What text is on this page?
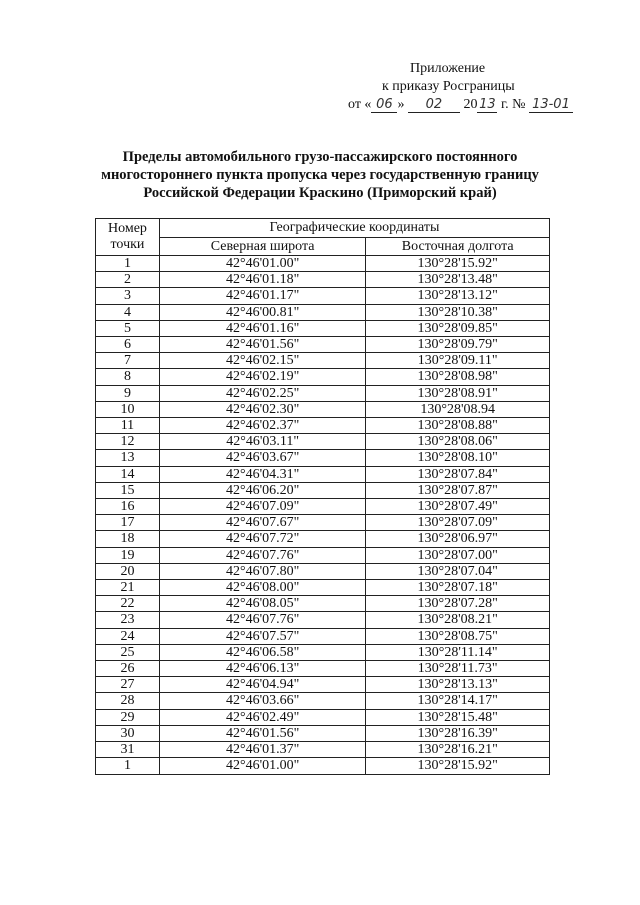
Приложение
к приказу Росграницы
от « 06 » 02 20 13 г. № 13-01
Пределы автомобильного грузо-пассажирского постоянного
многостороннего пункта пропуска через государственную границу
Российской Федерации Краскино (Приморский край)
Номер точки	Географические координаты	
	Северная широта	Восточная долгота
1	42°46'01.00"	130°28'15.92"
2	42°46'01.18"	130°28'13.48"
3	42°46'01.17"	130°28'13.12"
4	42°46'00.81"	130°28'10.38"
5	42°46'01.16"	130°28'09.85"
6	42°46'01.56"	130°28'09.79"
7	42°46'02.15"	130°28'09.11"
8	42°46'02.19"	130°28'08.98"
9	42°46'02.25"	130°28'08.91"
10	42°46'02.30"	130°28'08.94
11	42°46'02.37"	130°28'08.88"
12	42°46'03.11"	130°28'08.06"
13	42°46'03.67"	130°28'08.10"
14	42°46'04.31"	130°28'07.84"
15	42°46'06.20"	130°28'07.87"
16	42°46'07.09"	130°28'07.49"
17	42°46'07.67"	130°28'07.09"
18	42°46'07.72"	130°28'06.97"
19	42°46'07.76"	130°28'07.00"
20	42°46'07.80"	130°28'07.04"
21	42°46'08.00"	130°28'07.18"
22	42°46'08.05"	130°28'07.28"
23	42°46'07.76"	130°28'08.21"
24	42°46'07.57"	130°28'08.75"
25	42°46'06.58"	130°28'11.14"
26	42°46'06.13"	130°28'11.73"
27	42°46'04.94"	130°28'13.13"
28	42°46'03.66"	130°28'14.17"
29	42°46'02.49"	130°28'15.48"
30	42°46'01.56"	130°28'16.39"
31	42°46'01.37"	130°28'16.21"
1	42°46'01.00"	130°28'15.92"
